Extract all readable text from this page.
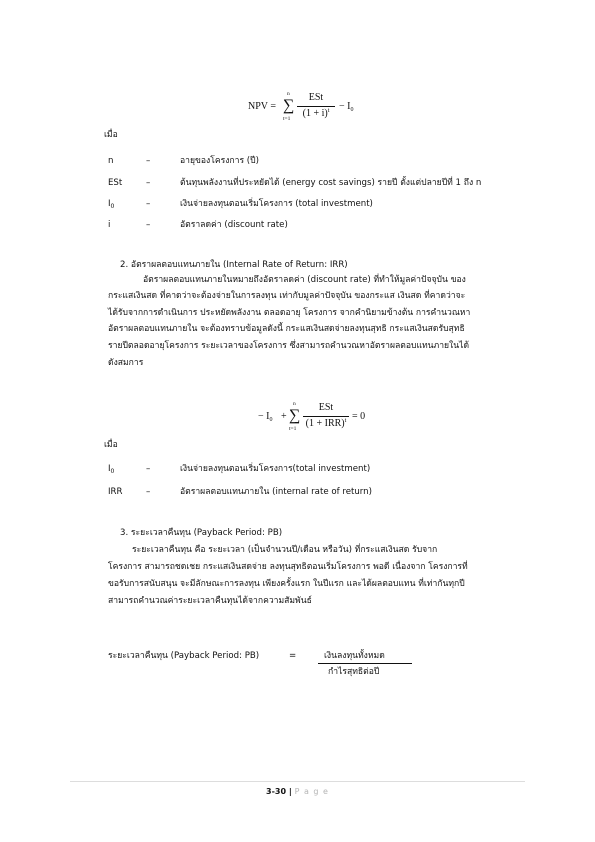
NPV = ∑
n
t=1
ESt
$(1 + i)^t - I_0$
เมื่อ
n	–	อายุของโครงการ (ปี)
ESt	–	ต้นทุนพลังงานที่ประหยัดได้ (energy cost savings) รายปี ตั้งแต่ปลายปีที่ 1 ถึง n
$I_0$	–	เงินจ่ายลงทุนตอนเริ่มโครงการ (total investment)
i	–	อัตราลดค่า (discount rate)
2. อัตราผลตอบแทนภายใน (Internal Rate of Return: IRR)
อัตราผลตอบแทนภายในหมายถึงอัตราลดค่า (discount rate) ที่ทำให้มูลค่าปัจจุบัน ของ
กระแสเงินสด ที่คาดว่าจะต้องจ่ายในการลงทุน เท่ากับมูลค่าปัจจุบัน ของกระแส เงินสด ที่คาดว่าจะ
ได้รับจากการดำเนินการ ประหยัดพลังงาน ตลอดอายุ โครงการ จากคำนิยามข้างต้น การคำนวณหา
อัตราผลตอบแทนภายใน จะต้องทราบข้อมูลดังนี้ กระแสเงินสดจ่ายลงทุนสุทธิ กระแสเงินสดรับสุทธิ
รายปีตลอดอายุโครงการ ระยะเวลาของโครงการ ซึ่งสามารถคำนวณหาอัตราผลตอบแทนภายในได้
ดังสมการ
− $I_0$ + ∑
n
t=1
ESt
(1 + IRR)$^t$ = 0
เมื่อ
$I_0$	–	เงินจ่ายลงทุนตอนเริ่มโครงการ(total investment)
IRR	–	อัตราผลตอบแทนภายใน (internal rate of return)
3. ระยะเวลาคืนทุน (Payback Period: PB)
ระยะเวลาคืนทุน คือ ระยะเวลา (เป็นจำนวนปี/เดือน หรือวัน) ที่กระแสเงินสด รับจาก
โครงการ สามารถชดเชย กระแสเงินสดจ่าย ลงทุนสุทธิตอนเริ่มโครงการ พอดี เนื่องจาก โครงการที่
ขอรับการสนับสนุน จะมีลักษณะการลงทุน เพียงครั้งแรก ในปีแรก และได้ผลตอบแทน ที่เท่ากันทุกปี
สามารถคำนวณค่าระยะเวลาคืนทุนได้จากความสัมพันธ์
ระยะเวลาคืนทุน (Payback Period: PB)	=	เงินลงทุนทั้งหมด
กำไรสุทธิต่อปี
3-30 | P a g e
